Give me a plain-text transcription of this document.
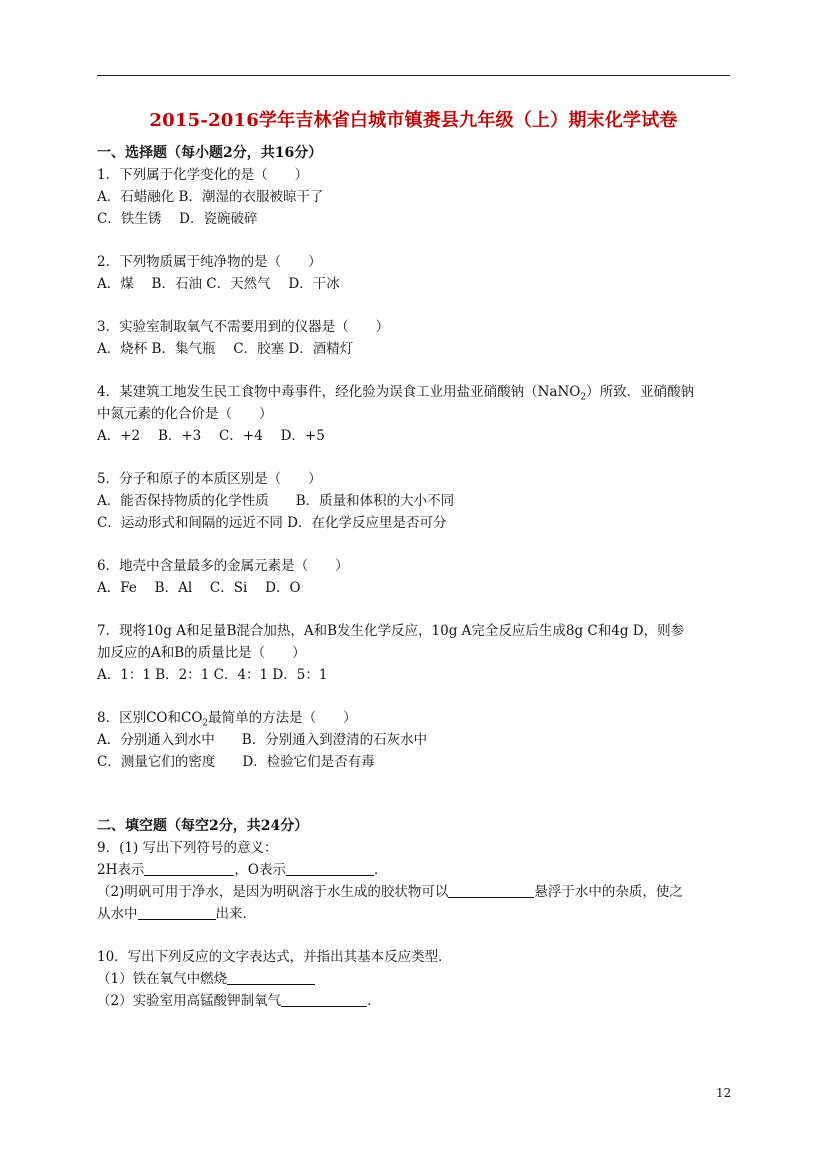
2015-2016学年吉林省白城市镇赉县九年级（上）期末化学试卷
一、选择题（每小题2分，共16分）
1．下列属于化学变化的是（　　）
A．石蜡融化 B．潮湿的衣服被晾干了
C．铁生锈　 D．瓷碗破碎
2．下列物质属于纯净物的是（　　）
A．煤　 B．石油 C．天然气　 D．干冰
3．实验室制取氧气不需要用到的仪器是（　　）
A．烧杯 B．集气瓶　 C．胶塞 D．酒精灯
4．某建筑工地发生民工食物中毒事件，经化验为误食工业用盐亚硝酸钠（NaNO$_2$）所致．亚硝酸钠
中氮元素的化合价是（　　）
A．+2　 B．+3　 C．+4　 D．+5
5．分子和原子的本质区别是（　　）
A．能否保持物质的化学性质　　B．质量和体积的大小不同
C．运动形式和间隔的远近不同 D．在化学反应里是否可分
6．地壳中含量最多的金属元素是（　　）
A．Fe　 B．Al　 C．Si　 D．O
7．现将10g A和足量B混合加热，A和B发生化学反应，10g A完全反应后生成8g C和4g D，则参
加反应的A和B的质量比是（　　）
A．1：1 B．2：1 C．4：1 D．5：1
8．区别CO和$CO_2$最简单的方法是（　　）
A．分别通入到水中　　B．分别通入到澄清的石灰水中
C．测量它们的密度　　D．检验它们是否有毒
二、填空题（每空2分，共24分）
9．(1) 写出下列符号的意义：
2H表示	，O表示	．
（2)明矾可用于净水，是因为明矾溶于水生成的胶状物可以	悬浮于水中的杂质，使之
从水中	出来．
10．写出下列反应的文字表达式，并指出其基本反应类型．
（1）铁在氧气中燃烧
（2）实验室用高锰酸钾制氧气	．
12
